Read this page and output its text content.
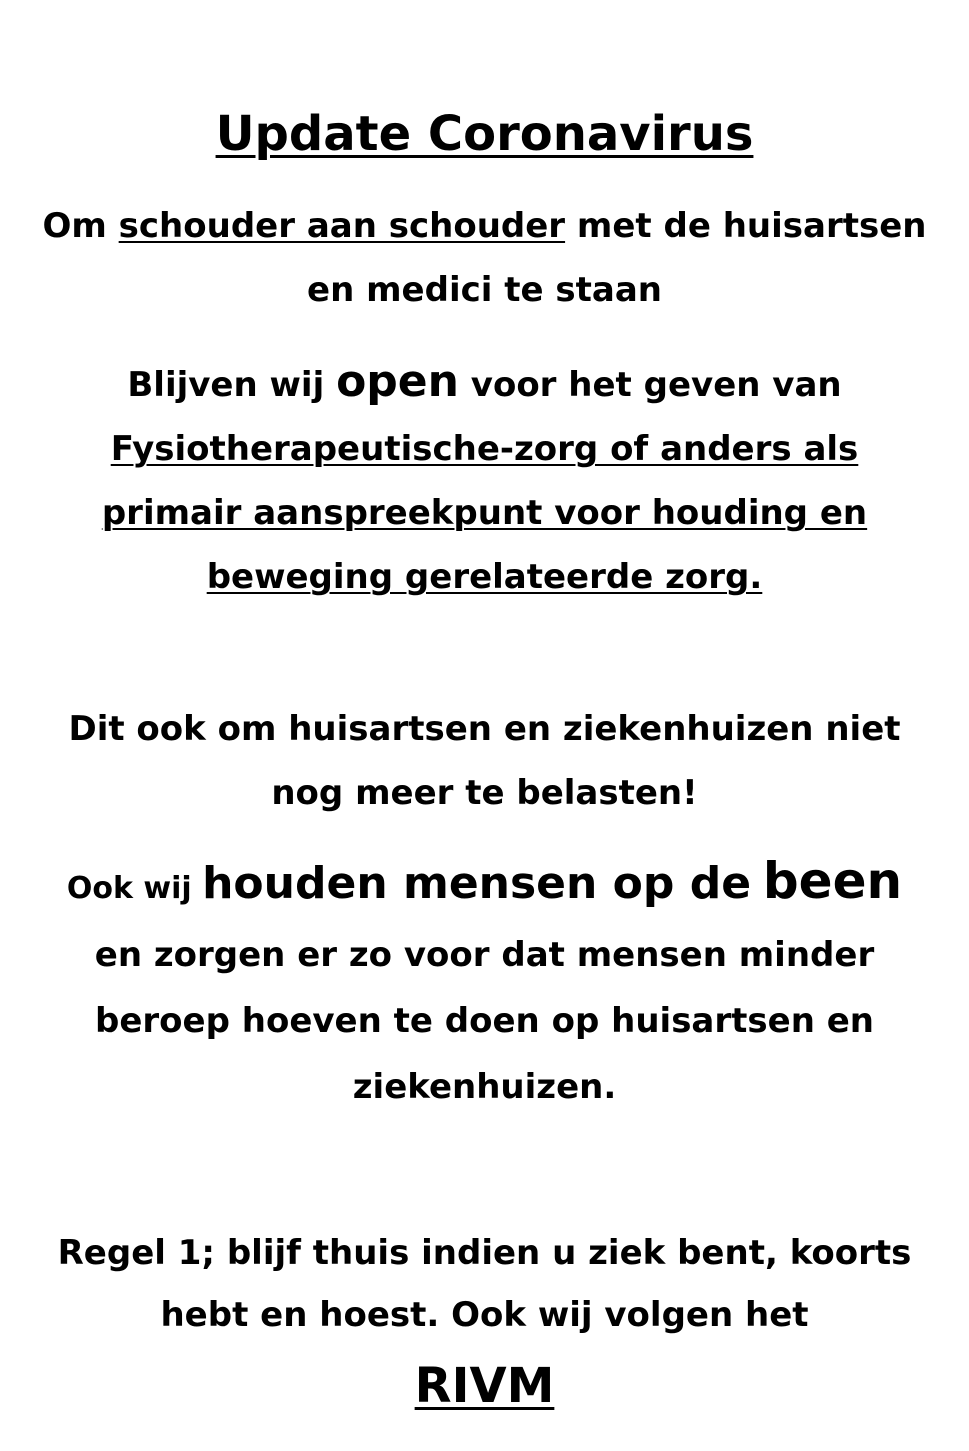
Update Coronavirus

Om schouder aan schouder met de huisartsen en medici te staan

Blijven wij open voor het geven van Fysiotherapeutische-zorg of anders als primair aanspreekpunt voor houding en beweging gerelateerde zorg.

Dit ook om huisartsen en ziekenhuizen niet nog meer te belasten!

Ook wij houden mensen op de been en zorgen er zo voor dat mensen minder beroep hoeven te doen op huisartsen en ziekenhuizen.

Regel 1; blijf thuis indien u ziek bent, koorts hebt en hoest. Ook wij volgen het

RIVM
